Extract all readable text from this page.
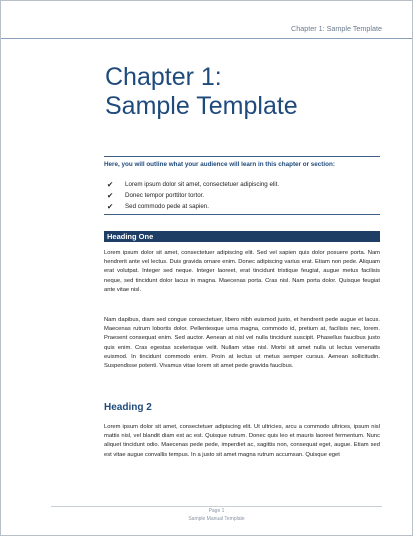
Chapter 1: Sample Template
Chapter 1:
Sample Template
Here, you will outline what your audience will learn in this chapter or section:
✔	Lorem ipsum dolor sit amet, consectetuer adipiscing elit.
✔	Donec tempor porttitor tortor.
✔	Sed commodo pede at sapien.
Heading One
Lorem ipsum dolor sit amet, consectetuer adipiscing elit. Sed vel sapien quis dolor posuere porta. Nam hendrerit ante vel lectus. Duis gravida ornare enim. Donec adipiscing varius erat. Etiam non pede. Aliquam erat volutpat. Integer sed neque. Integer laoreet, erat tincidunt tristique feugiat, augue metus facilisis neque, sed tincidunt dolor lacus in magna. Maecenas porta. Cras nisl. Nam porta dolor. Quisque feugiat ante vitae nisl.
Nam dapibus, diam sed congue consectetuer, libero nibh euismod justo, et hendrerit pede augue et lacus. Maecenas rutrum lobortis dolor. Pellentesque urna magna, commodo id, pretium at, facilisis nec, lorem. Praesent consequat enim. Sed auctor. Aenean at nisl vel nulla tincidunt suscipit. Phasellus faucibus justo quis enim. Cras egestas scelerisque velit. Nullam vitae nisl. Morbi sit amet nulla ut lectus venenatis euismod. In tincidunt commodo enim. Proin at lectus ut metus semper cursus. Aenean sollicitudin. Suspendisse potenti. Vivamus vitae lorem sit amet pede gravida faucibus.
Heading 2
Lorem ipsum dolor sit amet, consectetuer adipiscing elit. Ut ultricies, arcu a commodo ultrices, ipsum nisl mattis nisl, vel blandit diam est ac est. Quisque rutrum. Donec quis leo et mauris laoreet fermentum. Nunc aliquet tincidunt odio. Maecenas pede pede, imperdiet ac, sagittis non, consequat eget, augue. Etiam sed est vitae augue convallis tempus. In a justo sit amet magna rutrum accumsan. Quisque eget
Page 1
Sample Manual Template
